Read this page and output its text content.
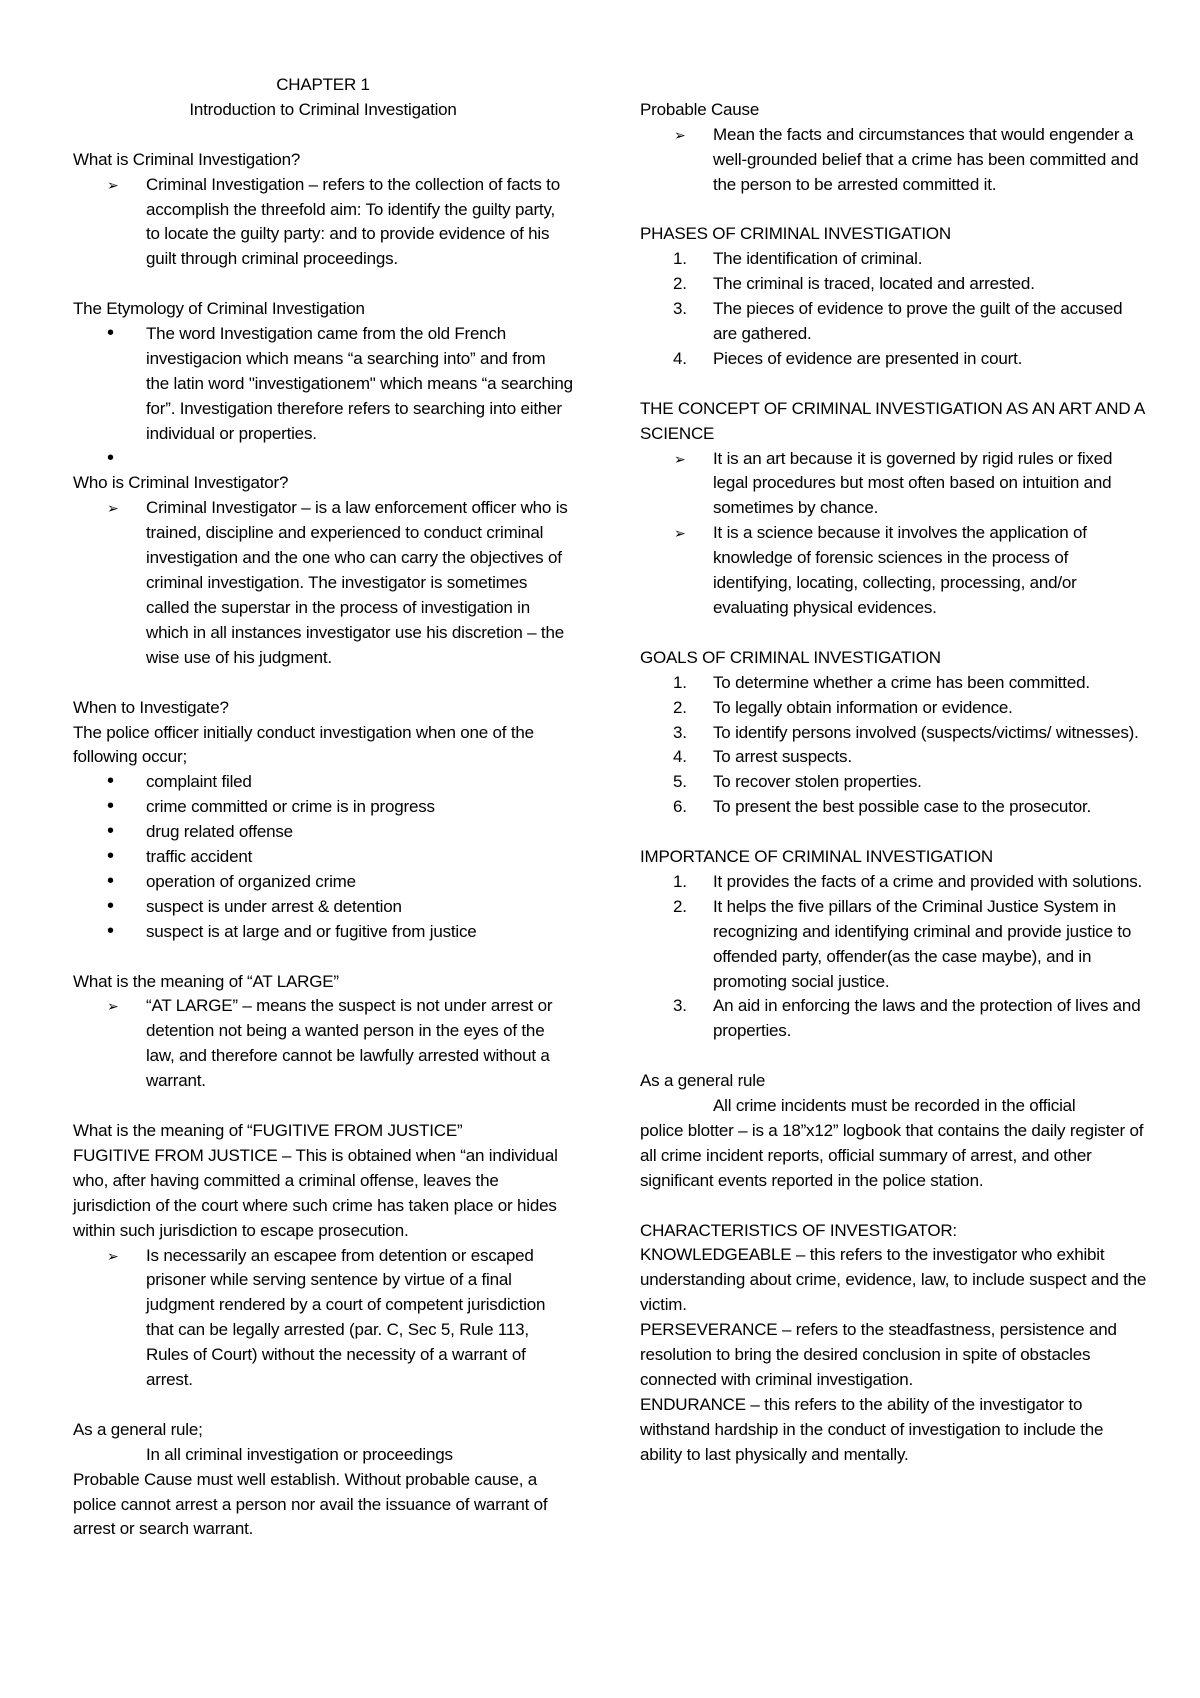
CHAPTER 1

Introduction to Criminal Investigation

What is Criminal Investigation?

➢
Criminal Investigation – refers to the collection of facts to accomplish the threefold aim: To identify the guilty party, to locate the guilty party: and to provide evidence of his guilt through criminal proceedings.

The Etymology of Criminal Investigation

•
The word Investigation came from the old French investigacion which means “a searching into” and from the latin word "investigationem" which means “a searching for”. Investigation therefore refers to searching into either individual or properties.
•

Who is Criminal Investigator?

➢
Criminal Investigator – is a law enforcement officer who is trained, discipline and experienced to conduct criminal investigation and the one who can carry the objectives of criminal investigation. The investigator is sometimes called the superstar in the process of investigation in which in all instances investigator use his discretion – the wise use of his judgment.

When to Investigate?

The police officer initially conduct investigation when one of the following occur;

•
complaint filed
•
crime committed or crime is in progress
•
drug related offense
•
traffic accident
•
operation of organized crime
•
suspect is under arrest & detention
•
suspect is at large and or fugitive from justice

What is the meaning of “AT LARGE”

➢
“AT LARGE” – means the suspect is not under arrest or detention not being a wanted person in the eyes of the law, and therefore cannot be lawfully arrested without a warrant.

What is the meaning of “FUGITIVE FROM JUSTICE”

FUGITIVE FROM JUSTICE – This is obtained when “an individual who, after having committed a criminal offense, leaves the jurisdiction of the court where such crime has taken place or hides within such jurisdiction to escape prosecution.

➢
Is necessarily an escapee from detention or escaped prisoner while serving sentence by virtue of a final judgment rendered by a court of competent jurisdiction that can be legally arrested (par. C, Sec 5, Rule 113, Rules of Court) without the necessity of a warrant of arrest.

As a general rule;

In all criminal investigation or proceedings

Probable Cause must well establish. Without probable cause, a police cannot arrest a person nor avail the issuance of warrant of arrest or search warrant.

Probable Cause

➢
Mean the facts and circumstances that would engender a well-grounded belief that a crime has been committed and the person to be arrested committed it.

PHASES OF CRIMINAL INVESTIGATION

1.	The identification of criminal.
2.	The criminal is traced, located and arrested.
3.	The pieces of evidence to prove the guilt of the accused are gathered.
4.	Pieces of evidence are presented in court.

THE CONCEPT OF CRIMINAL INVESTIGATION AS AN ART AND A SCIENCE

➢
It is an art because it is governed by rigid rules or fixed legal procedures but most often based on intuition and sometimes by chance.
➢
It is a science because it involves the application of knowledge of forensic sciences in the process of identifying, locating, collecting, processing, and/or evaluating physical evidences.

GOALS OF CRIMINAL INVESTIGATION

1.	To determine whether a crime has been committed.
2.	To legally obtain information or evidence.
3.	To identify persons involved (suspects/victims/ witnesses).
4.	To arrest suspects.
5.	To recover stolen properties.
6.	To present the best possible case to the prosecutor.

IMPORTANCE OF CRIMINAL INVESTIGATION

1.	It provides the facts of a crime and provided with solutions.
2.	It helps the five pillars of the Criminal Justice System in recognizing and identifying criminal and provide justice to offended party, offender(as the case maybe), and in promoting social justice.
3.	An aid in enforcing the laws and the protection of lives and properties.

As a general rule

All crime incidents must be recorded in the official

police blotter – is a 18”x12” logbook that contains the daily register of all crime incident reports, official summary of arrest, and other significant events reported in the police station.

CHARACTERISTICS OF INVESTIGATOR:

KNOWLEDGEABLE – this refers to the investigator who exhibit understanding about crime, evidence, law, to include suspect and the victim.

PERSEVERANCE – refers to the steadfastness, persistence and resolution to bring the desired conclusion in spite of obstacles connected with criminal investigation.

ENDURANCE – this refers to the ability of the investigator to withstand hardship in the conduct of investigation to include the ability to last physically and mentally.
